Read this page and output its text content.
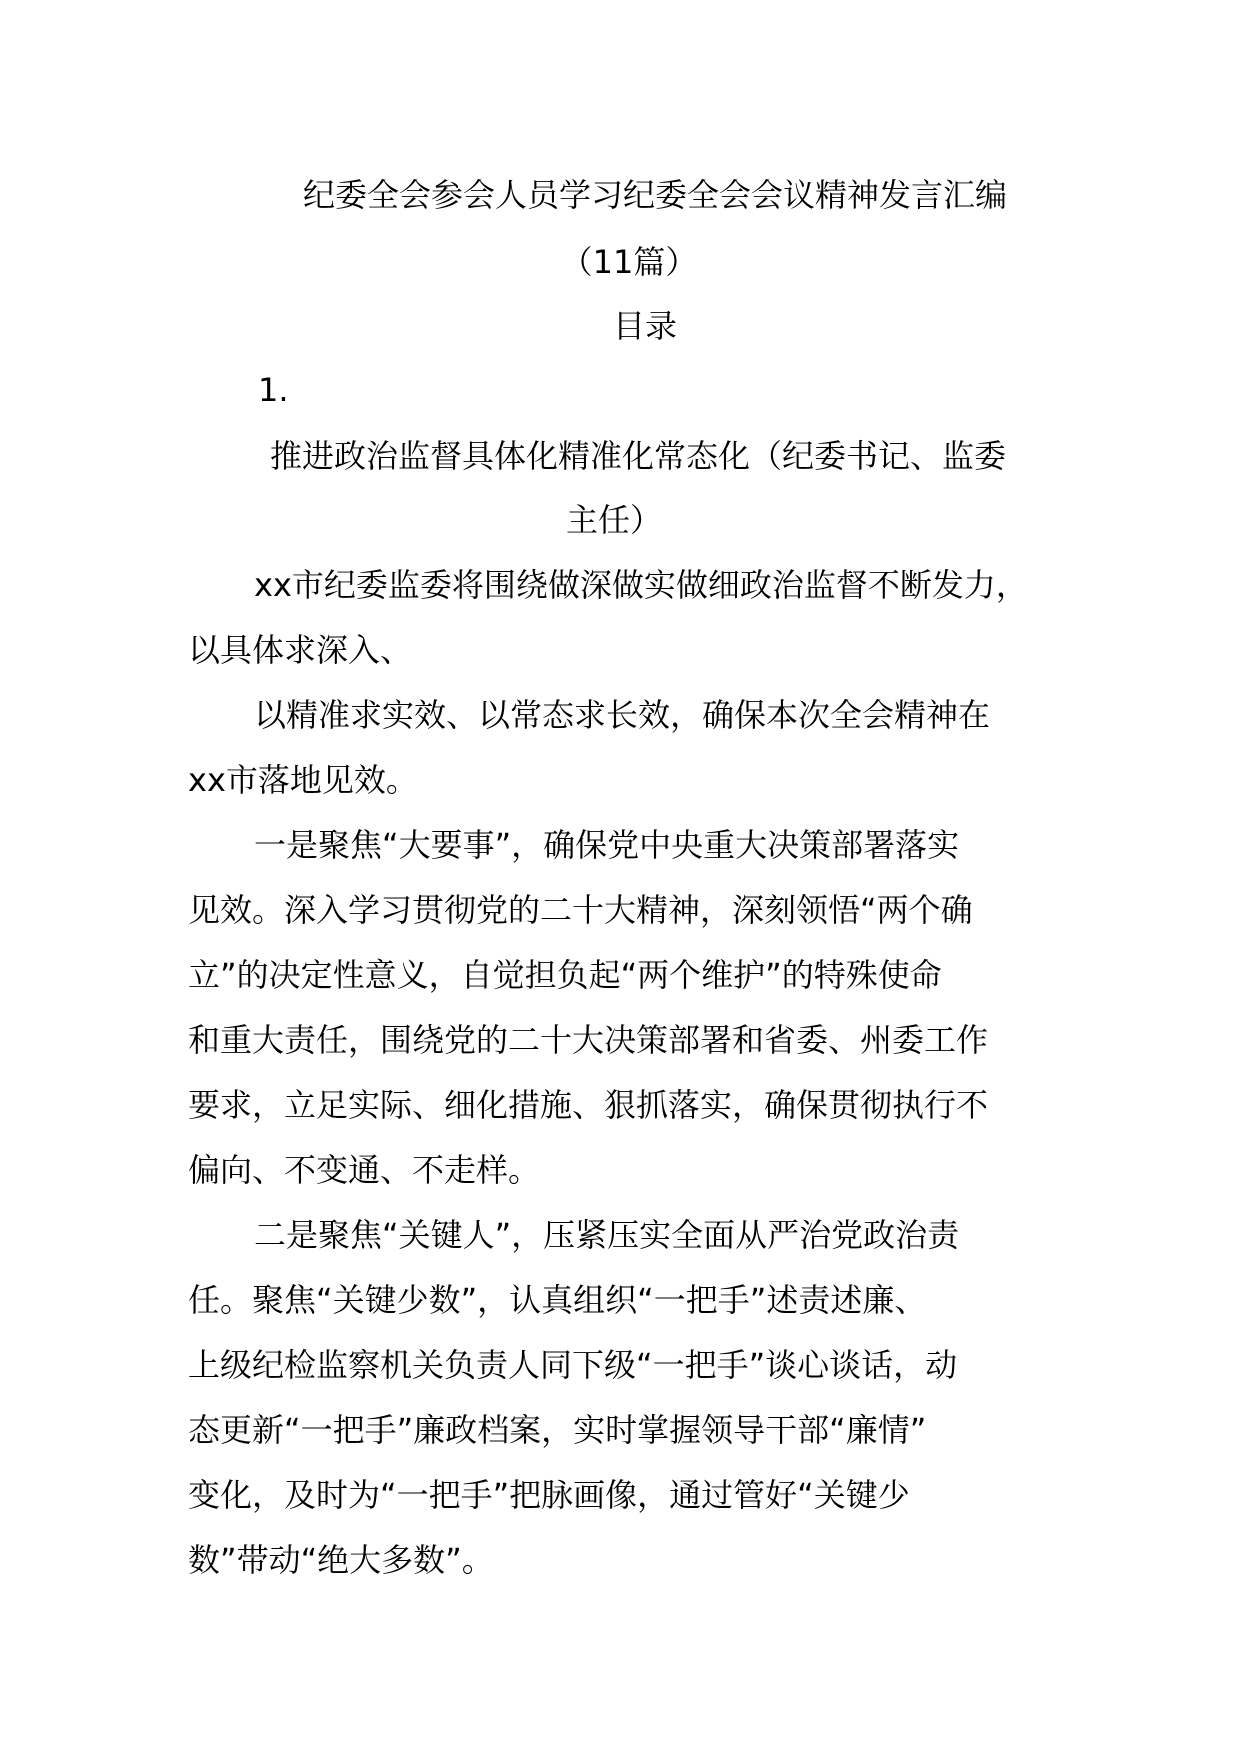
纪委全会参会人员学习纪委全会会议精神发言汇编
（11篇）
目录
1.
推进政治监督具体化精准化常态化（纪委书记、监委
主任）
xx市纪委监委将围绕做深做实做细政治监督不断发力，
以具体求深入、
以精准求实效、以常态求长效，确保本次全会精神在
xx市落地见效。
一是聚焦“大要事”，确保党中央重大决策部署落实
见效。深入学习贯彻党的二十大精神，深刻领悟“两个确
立”的决定性意义，自觉担负起“两个维护”的特殊使命
和重大责任，围绕党的二十大决策部署和省委、州委工作
要求，立足实际、细化措施、狠抓落实，确保贯彻执行不
偏向、不变通、不走样。
二是聚焦“关键人”，压紧压实全面从严治党政治责
任。聚焦“关键少数”，认真组织“一把手”述责述廉、
上级纪检监察机关负责人同下级“一把手”谈心谈话，动
态更新“一把手”廉政档案，实时掌握领导干部“廉情”
变化，及时为“一把手”把脉画像，通过管好“关键少
数”带动“绝大多数”。
